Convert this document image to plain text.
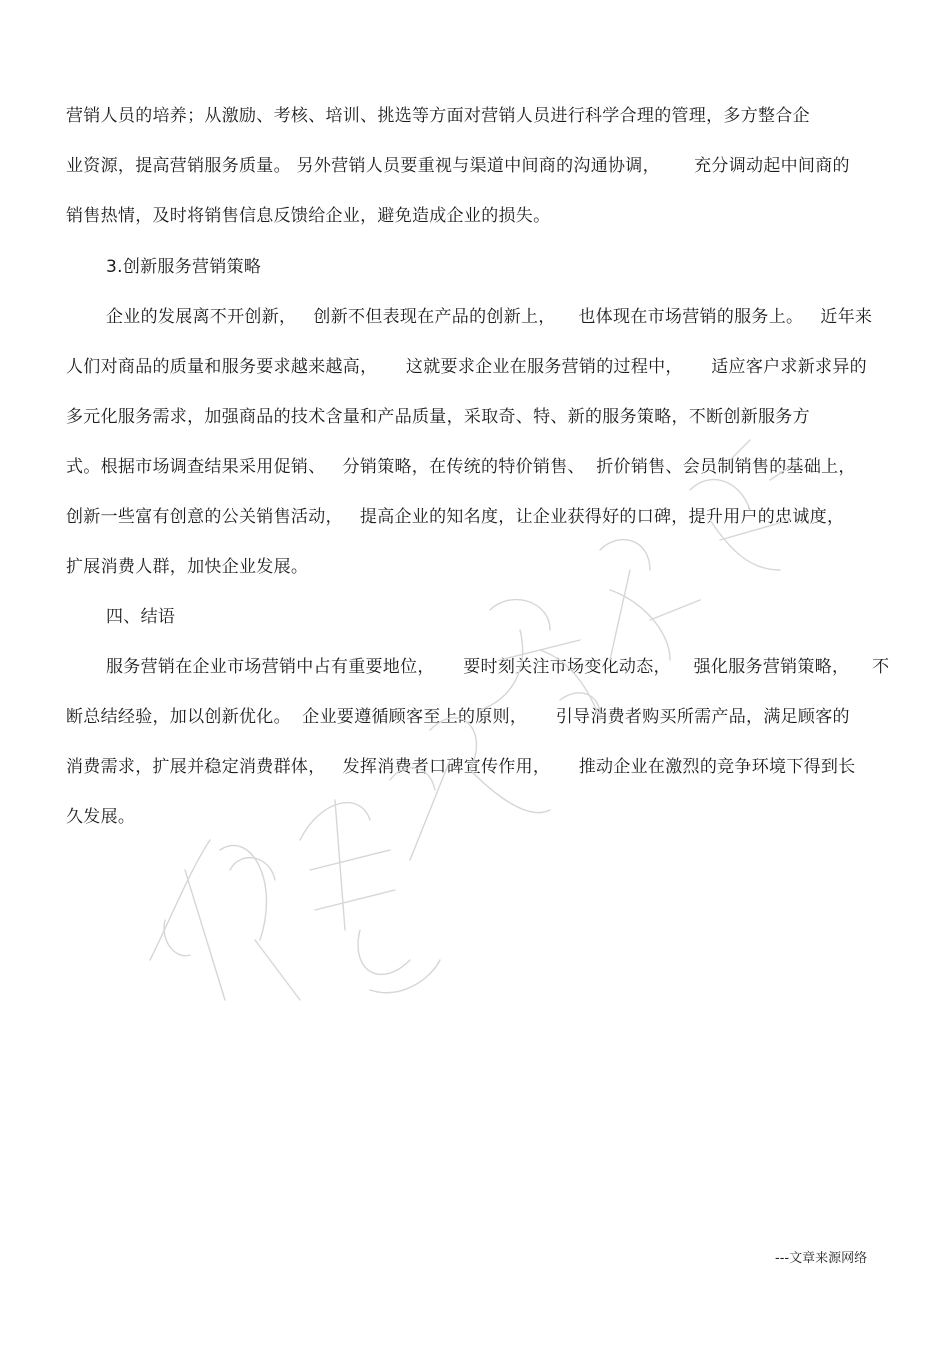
营销人员的培养；从激励、考核、培训、挑选等方面对营销人员进行科学合理的管理，多方整合企
业资源，提高营销服务质量。 另外营销人员要重视与渠道中间商的沟通协调，      充分调动起中间商的
销售热情，及时将销售信息反馈给企业，避免造成企业的损失。
3.创新服务营销策略
企业的发展离不开创新，   创新不但表现在产品的创新上，    也体现在市场营销的服务上。   近年来
人们对商品的质量和服务要求越来越高，     这就要求企业在服务营销的过程中，     适应客户求新求异的
多元化服务需求，加强商品的技术含量和产品质量，采取奇、特、新的服务策略，不断创新服务方
式。根据市场调查结果采用促销、   分销策略，在传统的特价销售、  折价销售、会员制销售的基础上，
创新一些富有创意的公关销售活动，   提高企业的知名度，让企业获得好的口碑，提升用户的忠诚度，
扩展消费人群，加快企业发展。
四、结语
服务营销在企业市场营销中占有重要地位，     要时刻关注市场变化动态，    强化服务营销策略，    不
断总结经验，加以创新优化。  企业要遵循顾客至上的原则，     引导消费者购买所需产品，满足顾客的
消费需求，扩展并稳定消费群体，   发挥消费者口碑宣传作用，     推动企业在激烈的竞争环境下得到长
久发展。
---文章来源网络
